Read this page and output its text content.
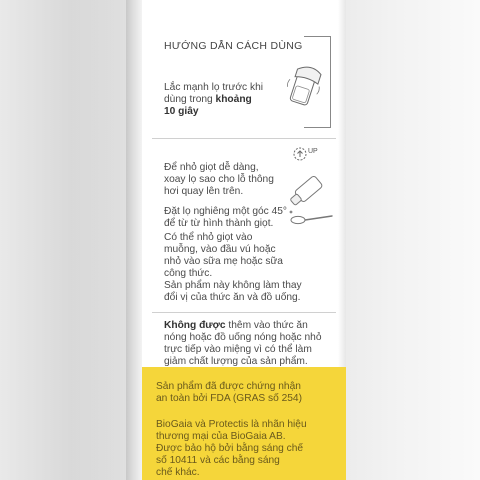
HƯỚNG DẪN CÁCH DÙNG
Lắc mạnh lọ trước khi
dùng trong khoảng
10 giây
Để nhỏ giọt dễ dàng,
xoay lọ sao cho lỗ thông
hơi quay lên trên.
Đặt lọ nghiêng một góc 45°
để từ từ hình thành giọt.
Có thể nhỏ giọt vào
muỗng, vào đầu vú hoặc
nhỏ vào sữa mẹ hoặc sữa
công thức.
Sản phẩm này không làm thay
đổi vị của thức ăn và đồ uống.
Không được thêm vào thức ăn
nóng hoặc đồ uống nóng hoặc nhỏ
trực tiếp vào miệng vì có thể làm
giảm chất lượng của sản phẩm.
UP
Sản phẩm đã được chứng nhận
an toàn bởi FDA (GRAS số 254)
BioGaia và Protectis là nhãn hiệu
thương mại của BioGaia AB.
Được bảo hộ bởi bằng sáng chế
số 10411 và các bằng sáng
chế khác.
